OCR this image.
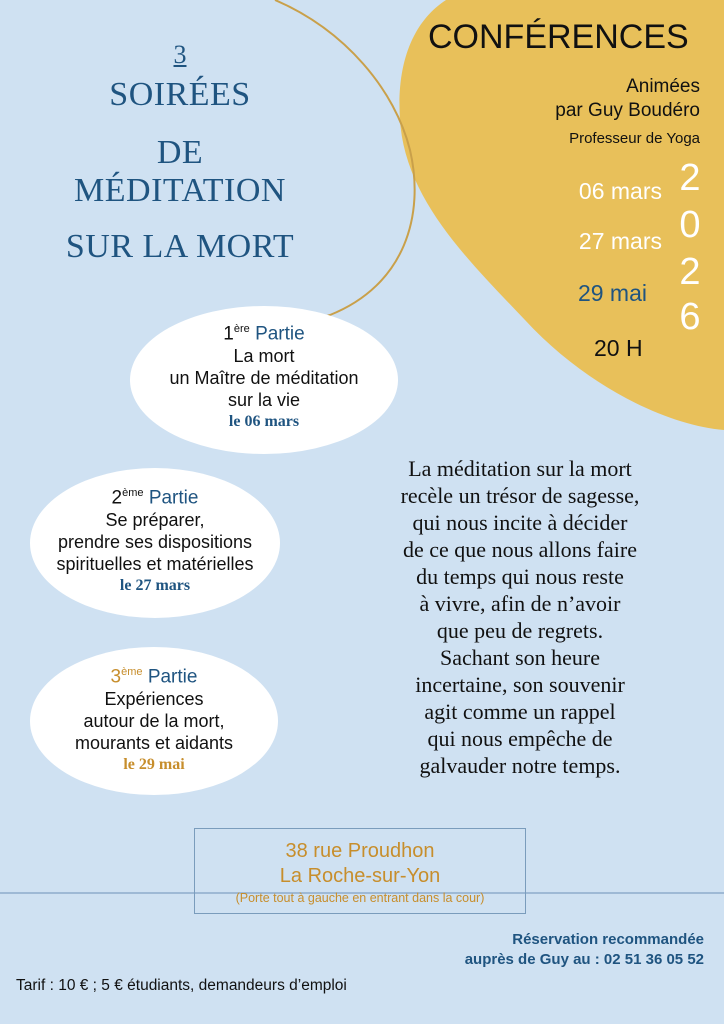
3
SOIRÉES
DE
MÉDITATION
SUR LA MORT
CONFÉRENCES
Animées
par Guy Boudéro
Professeur de Yoga
06 mars
27 mars
29 mai
20 H
2
0
2
6
1ère Partie
La mort
un Maître de méditation
sur la vie
le 06 mars
2ème Partie
Se préparer,
prendre ses dispositions
spirituelles et matérielles
le 27 mars
3ème Partie
Expériences
autour de la mort,
mourants et aidants
le 29 mai
La méditation sur la mort
recèle un trésor de sagesse,
qui nous incite à décider
de ce que nous allons faire
du temps qui nous reste
à vivre, afin de n’avoir
que peu de regrets.
Sachant son heure
incertaine, son souvenir
agit comme un rappel
qui nous empêche de
galvauder notre temps.
38 rue Proudhon
La Roche-sur-Yon
(Porte tout à gauche en entrant dans la cour)
Réservation recommandée
auprès de Guy au : 02 51 36 05 52
Tarif : 10 € ; 5 € étudiants, demandeurs d’emploi
